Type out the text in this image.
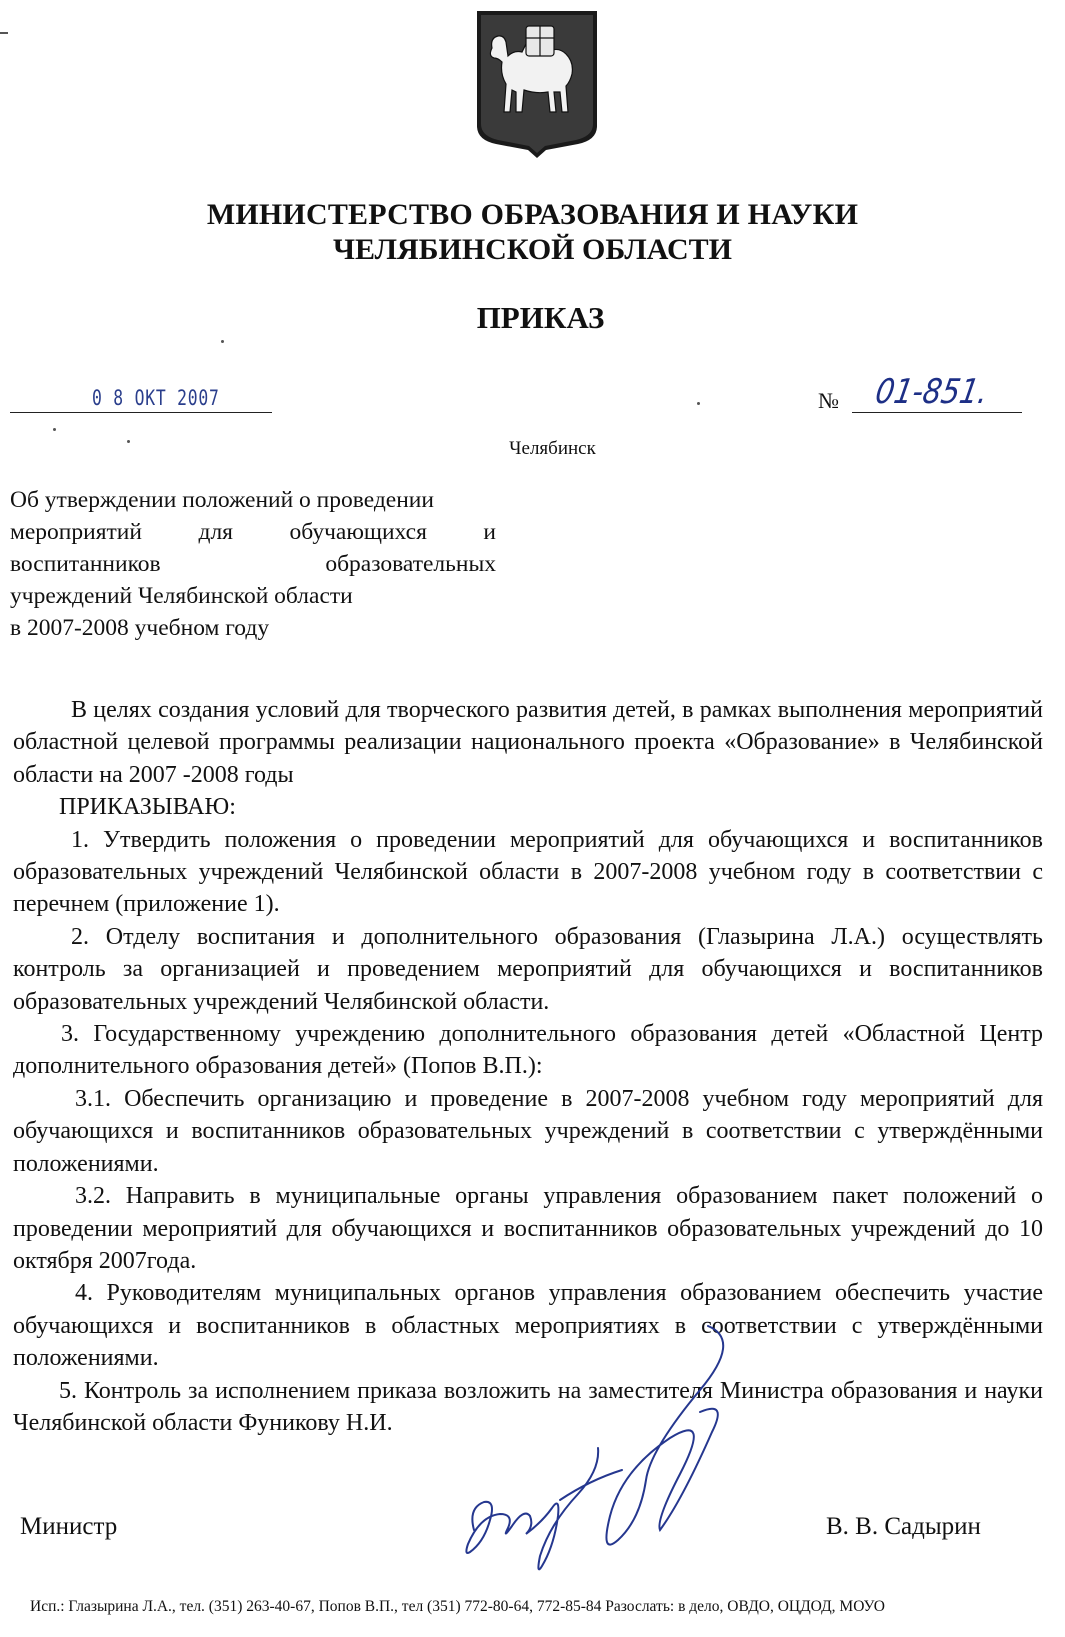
МИНИСТЕРСТВО ОБРАЗОВАНИЯ И НАУКИ
ЧЕЛЯБИНСКОЙ ОБЛАСТИ
ПРИКАЗ
0 8 ОКТ 2007	№ 01-851.
Челябинск
Об утверждении положений о проведении
мероприятий для обучающихся и
воспитанников образовательных
учреждений Челябинской области
в 2007-2008 учебном году

В целях создания условий для творческого развития детей, в рамках выполнения мероприятий областной целевой программы реализации национального проекта «Образование» в Челябинской области на 2007 -2008 годы

ПРИКАЗЫВАЮ:

1. Утвердить положения о проведении мероприятий для обучающихся и воспитанников образовательных учреждений Челябинской области в 2007-2008 учебном году в соответствии с перечнем (приложение 1).

2. Отделу воспитания и дополнительного образования (Глазырина Л.А.) осуществлять контроль за организацией и проведением мероприятий для обучающихся и воспитанников образовательных учреждений Челябинской области.

3. Государственному учреждению дополнительного образования детей «Областной Центр дополнительного образования детей» (Попов В.П.):

3.1. Обеспечить организацию и проведение в 2007-2008 учебном году мероприятий для обучающихся и воспитанников образовательных учреждений в соответствии с утверждёнными положениями.

3.2. Направить в муниципальные органы управления образованием пакет положений о проведении мероприятий для обучающихся и воспитанников образовательных учреждений до 10 октября 2007года.

4. Руководителям муниципальных органов управления образованием обеспечить участие обучающихся и воспитанников в областных мероприятиях в соответствии с утверждёнными положениями.

5. Контроль за исполнением приказа возложить на заместителя Министра образования и науки Челябинской области Фуникову Н.И.

Министр	В. В. Садырин
Исп.: Глазырина Л.А., тел. (351) 263-40-67, Попов В.П., тел (351) 772-80-64, 772-85-84 Разослать: в дело, ОВДО, ОЦДОД, МОУО
